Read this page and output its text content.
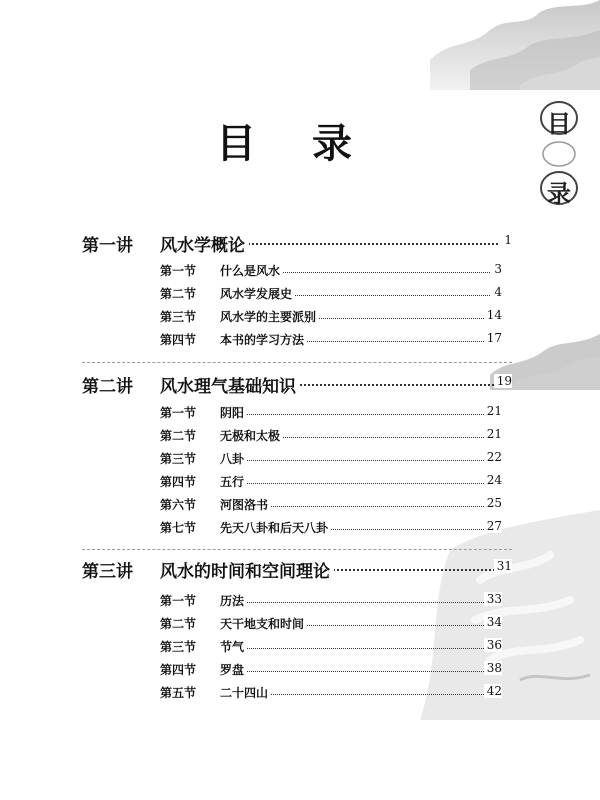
目
录
目 录
第一讲 风水学概论	1
第一节 什么是风水	3
第二节 风水学发展史	4
第三节 风水学的主要派别	14
第四节 本书的学习方法	17
第二讲 风水理气基础知识	19
第一节 阴阳	21
第二节 无极和太极	21
第三节 八卦	22
第四节 五行	24
第六节 河图洛书	25
第七节 先天八卦和后天八卦	27
第三讲 风水的时间和空间理论	31
第一节 历法	33
第二节 天干地支和时间	34
第三节 节气	36
第四节 罗盘	38
第五节 二十四山	42
